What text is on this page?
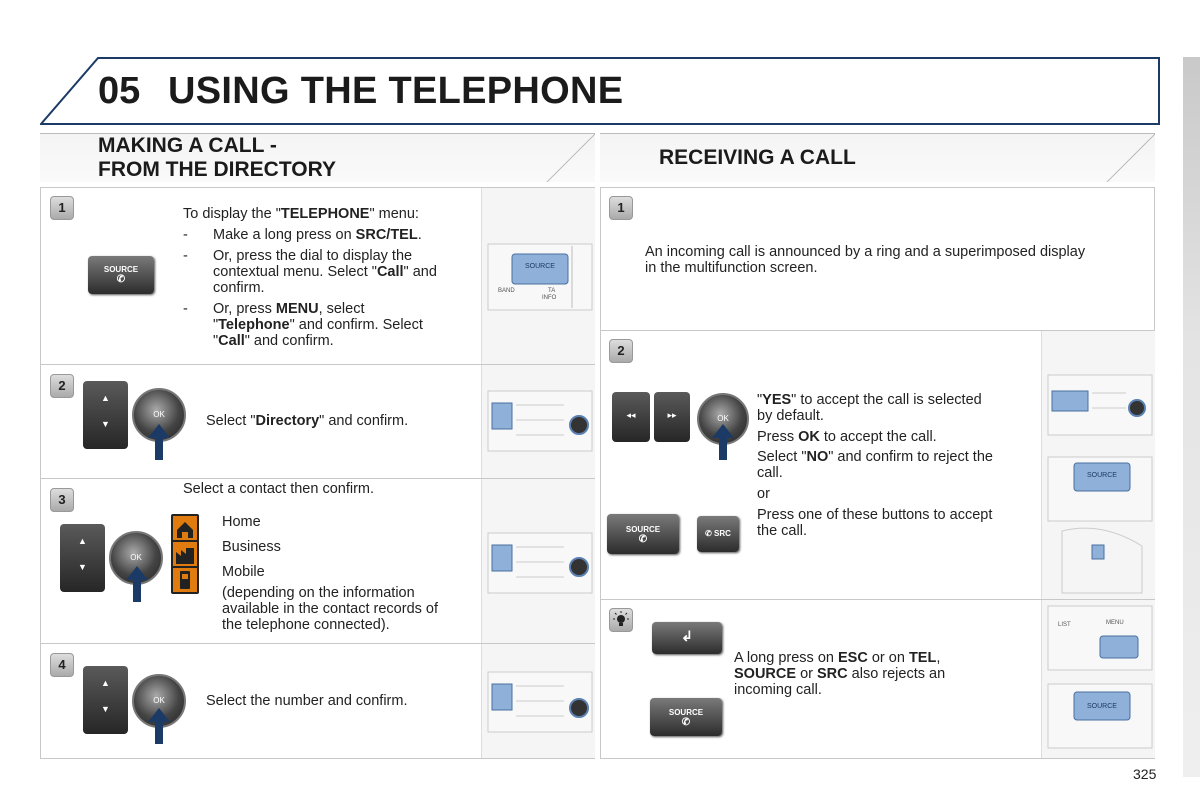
05 USING THE TELEPHONE
MAKING A CALL -
FROM THE DIRECTORY
RECEIVING A CALL
1
SOURCE
✆
To display the "TELEPHONE" menu:
- Make a long press on SRC/TEL.
- Or, press the dial to display the
contextual menu. Select "Call" and
confirm.
- Or, press MENU, select
"Telephone" and confirm. Select
"Call" and confirm.
SOURCE
BAND	TA
INFO
2
▲
▼
OK	Select "Directory" and confirm.
3
Select a contact then confirm.
▲
▼
OK
Home
Business
Mobile
(depending on the information
available in the contact records of
the telephone connected).
4
▲
▼
OK	Select the number and confirm.
1
An incoming call is announced by a ring and a superimposed display
in the multifunction screen.
2
◂◂	▸▸	OK
SOURCE
✆
✆ SRC
"YES" to accept the call is selected
by default.
Press OK to accept the call.
Select "NO" and confirm to reject the
call.
or
Press one of these buttons to accept
the call.
SOURCE
↲
SOURCE
✆
A long press on ESC or on TEL,
SOURCE or SRC also rejects an
incoming call.
LIST	MENU
SOURCE
325
